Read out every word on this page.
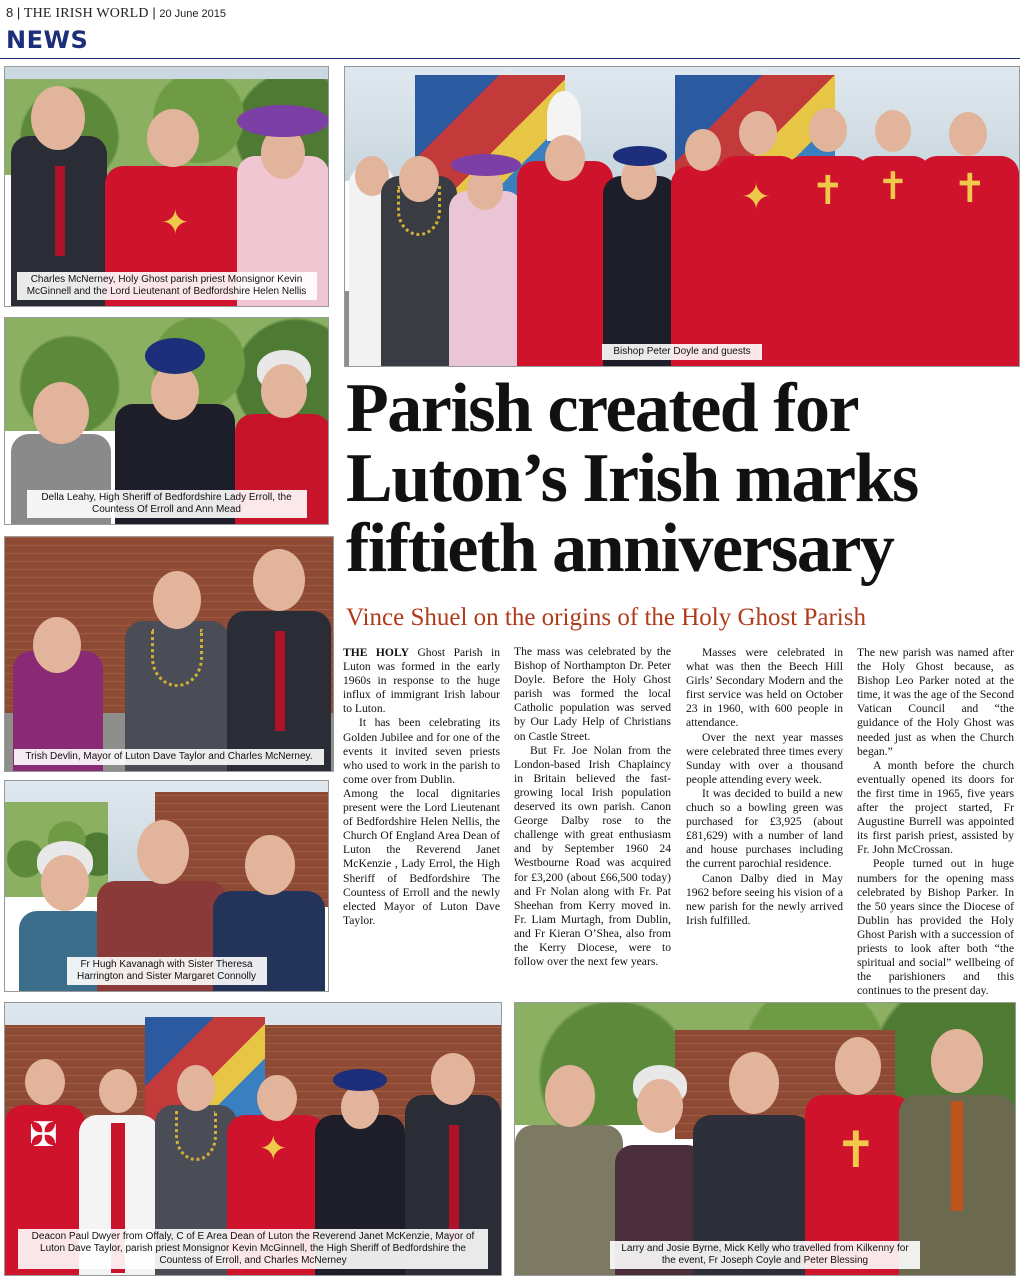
8 | THE IRISH WORLD | 20 June 2015
NEWS
✦
Charles McNerney, Holy Ghost parish priest Monsignor Kevin McGinnell and the Lord Lieutenant of Bedfordshire Helen Nellis
✦ ✝ ✝ ✝
Bishop Peter Doyle and guests
Della Leahy, High Sheriff of Bedfordshire Lady Erroll, the Countess Of Erroll and Ann Mead
Trish Devlin, Mayor of Luton Dave Taylor and Charles McNerney.
Fr Hugh Kavanagh with Sister Theresa Harrington and Sister Margaret Connolly
Parish created for Luton’s Irish marks fiftieth anniversary
Vince Shuel on the origins of the Holy Ghost Parish

THE HOLY Ghost Parish in Luton was formed in the early 1960s in response to the huge influx of immigrant Irish labour to Luton.

It has been celebrating its Golden Jubilee and for one of the events it invited seven priests who used to work in the parish to come over from Dublin.

Among the local dignitaries present were the Lord Lieutenant of Bedfordshire Helen Nellis, the Church Of England Area Dean of Luton the Reverend Janet McKenzie , Lady Errol, the High Sheriff of Bedfordshire The Countess of Erroll and the newly elected Mayor of Luton Dave Taylor.

The mass was celebrated by the Bishop of Northampton Dr. Peter Doyle. Before the Holy Ghost parish was formed the local Catholic population was served by Our Lady Help of Christians on Castle Street.

But Fr. Joe Nolan from the London-based Irish Chaplaincy in Britain believed the fast-growing local Irish population deserved its own parish. Canon George Dalby rose to the challenge with great enthusiasm and by September 1960 24 Westbourne Road was acquired for £3,200 (about £66,500 today) and Fr Nolan along with Fr. Pat Sheehan from Kerry moved in. Fr. Liam Murtagh, from Dublin, and Fr Kieran O’Shea, also from the Kerry Diocese, were to follow over the next few years.

Masses were celebrated in what was then the Beech Hill Girls’ Secondary Modern and the first service was held on October 23 in 1960, with 600 people in attendance.

Over the next year masses were celebrated three times every Sunday with over a thousand people attending every week.

It was decided to build a new chuch so a bowling green was purchased for £3,925 (about £81,629) with a number of land and house purchases including the current parochial residence.

Canon Dalby died in May 1962 before seeing his vision of a new parish for the newly arrived Irish fulfilled.

The new parish was named after the Holy Ghost because, as Bishop Leo Parker noted at the time, it was the age of the Second Vatican Council and “the guidance of the Holy Ghost was needed just as when the Church began.”

A month before the church eventually opened its doors for the first time in 1965, five years after the project started, Fr Augustine Burrell was appointed its first parish priest, assisted by Fr. John McCrossan.

People turned out in huge numbers for the opening mass celebrated by Bishop Parker. In the 50 years since the Diocese of Dublin has provided the Holy Ghost Parish with a succession of priests to look after both “the spiritual and social” wellbeing of the parishioners and this continues to the present day.

✠	✦
Deacon Paul Dwyer from Offaly, C of E Area Dean of Luton the Reverend Janet McKenzie, Mayor of Luton Dave Taylor, parish priest Monsignor Kevin McGinnell, the High Sheriff of Bedfordshire the Countess of Erroll, and Charles McNerney
✝
Larry and Josie Byrne, Mick Kelly who travelled from Kilkenny for the event, Fr Joseph Coyle and Peter Blessing
